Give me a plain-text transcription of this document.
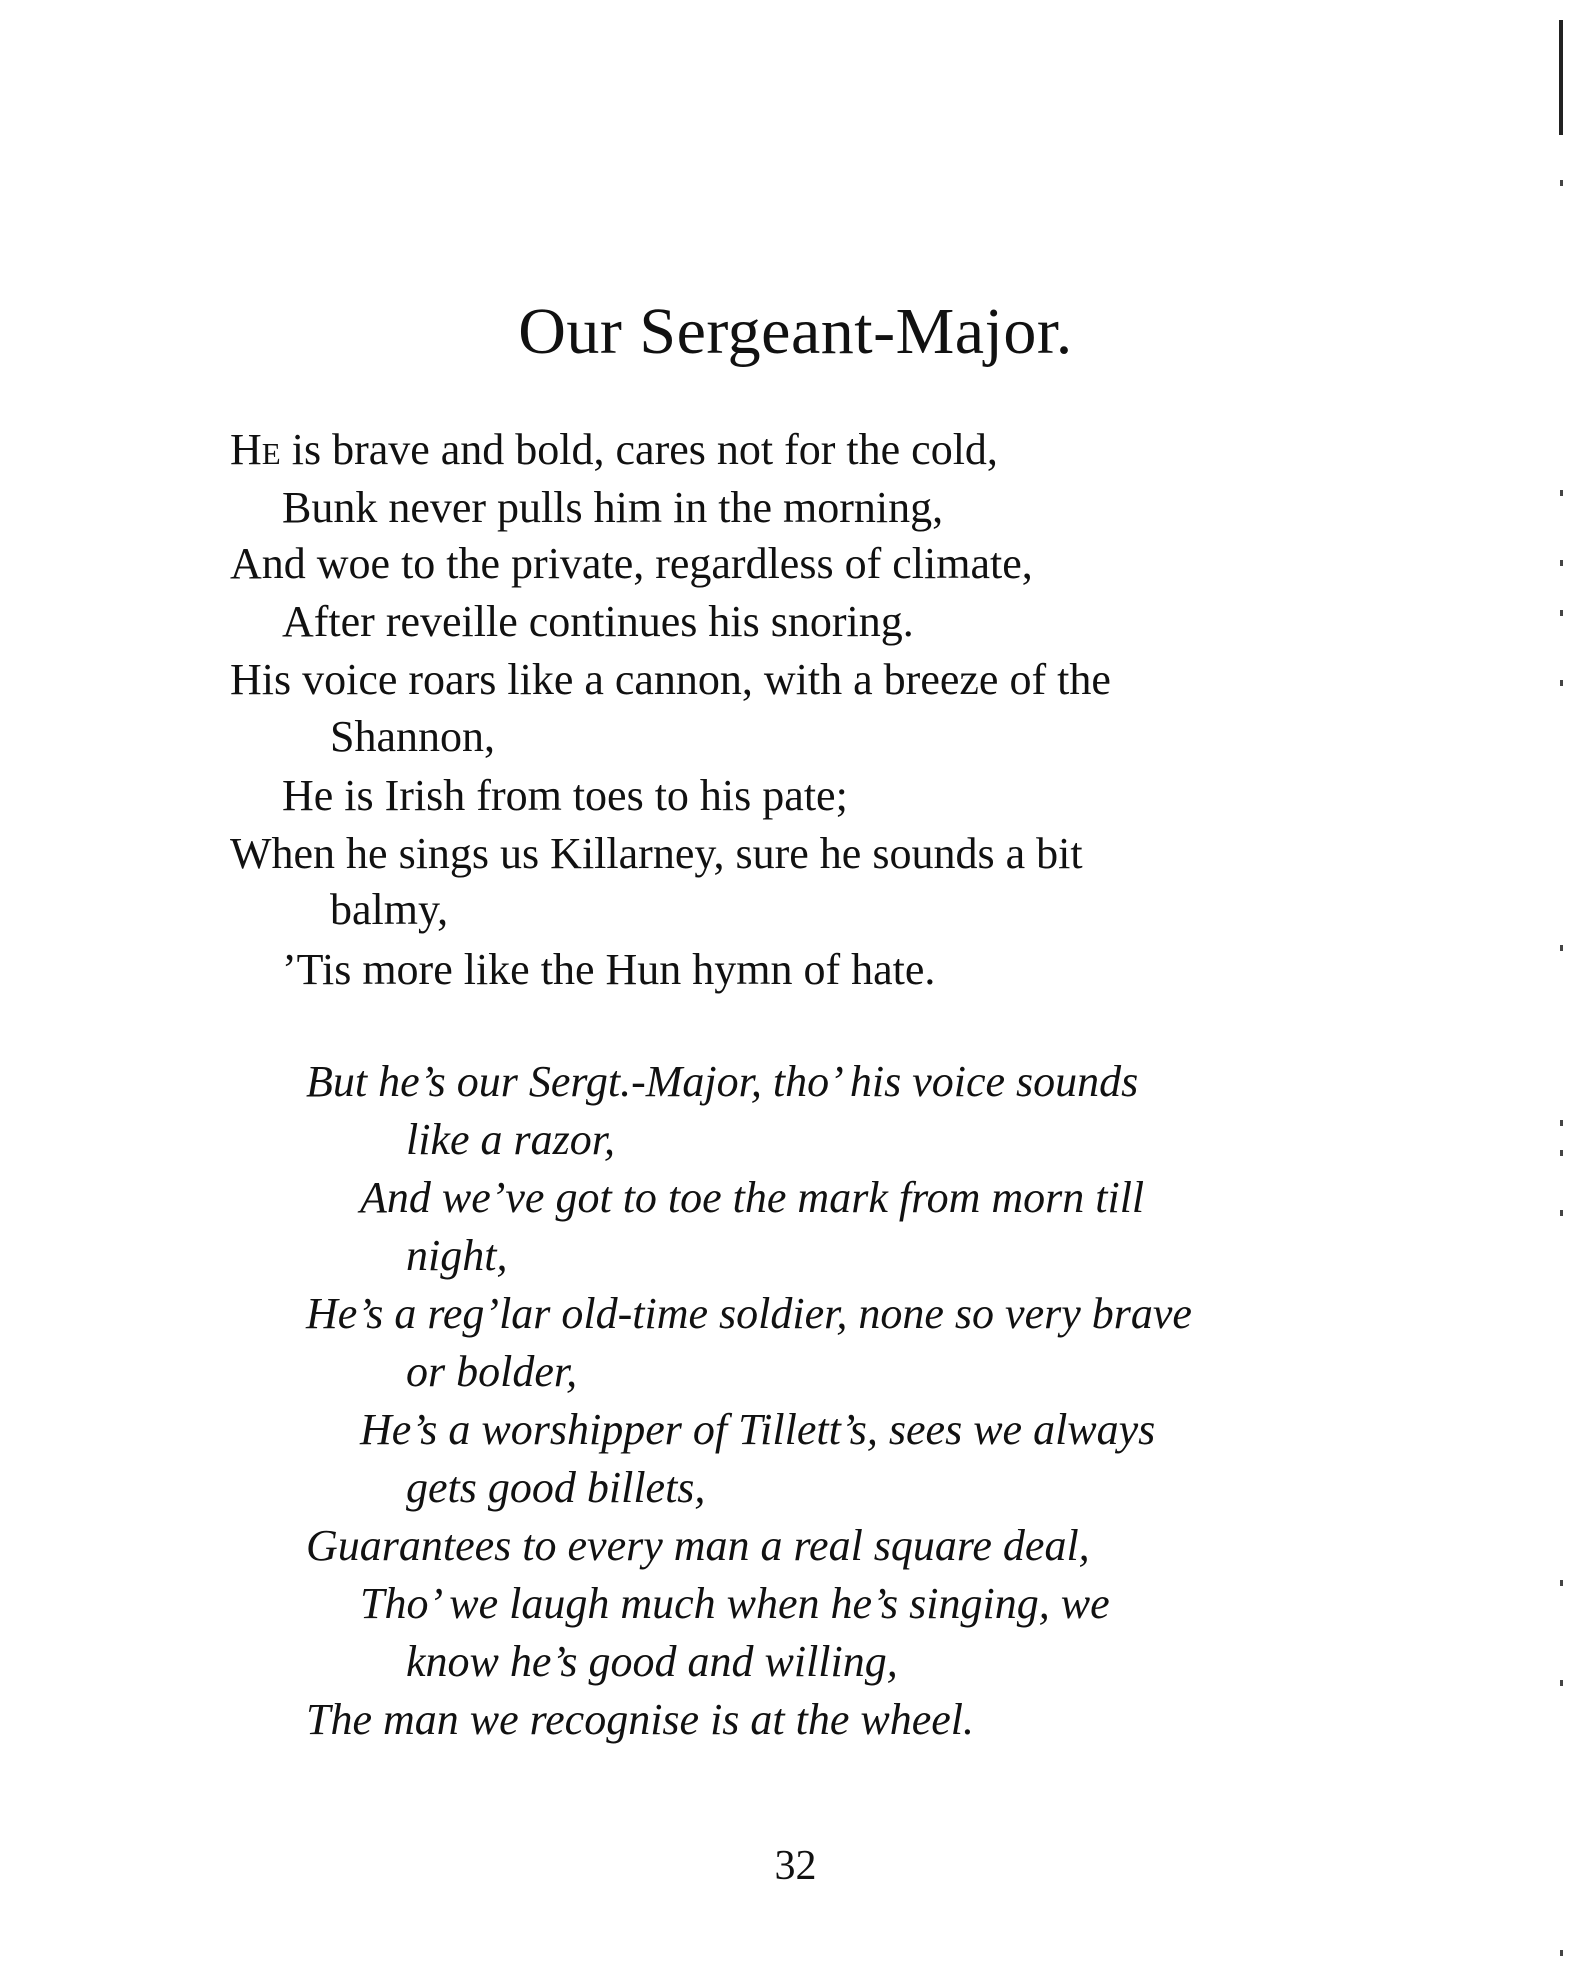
Our Sergeant-Major.

He is brave and bold, cares not for the cold,

Bunk never pulls him in the morning,

And woe to the private, regardless of climate,

After reveille continues his snoring.

His voice roars like a cannon, with a breeze of the

Shannon,

He is Irish from toes to his pate;

When he sings us Killarney, sure he sounds a bit

balmy,

’Tis more like the Hun hymn of hate.

But he’s our Sergt.-Major, tho’ his voice sounds

like a razor,

And we’ve got to toe the mark from morn till

night,

He’s a reg’lar old-time soldier, none so very brave

or bolder,

He’s a worshipper of Tillett’s, sees we always

gets good billets,

Guarantees to every man a real square deal,

Tho’ we laugh much when he’s singing, we

know he’s good and willing,

The man we recognise is at the wheel.

32
